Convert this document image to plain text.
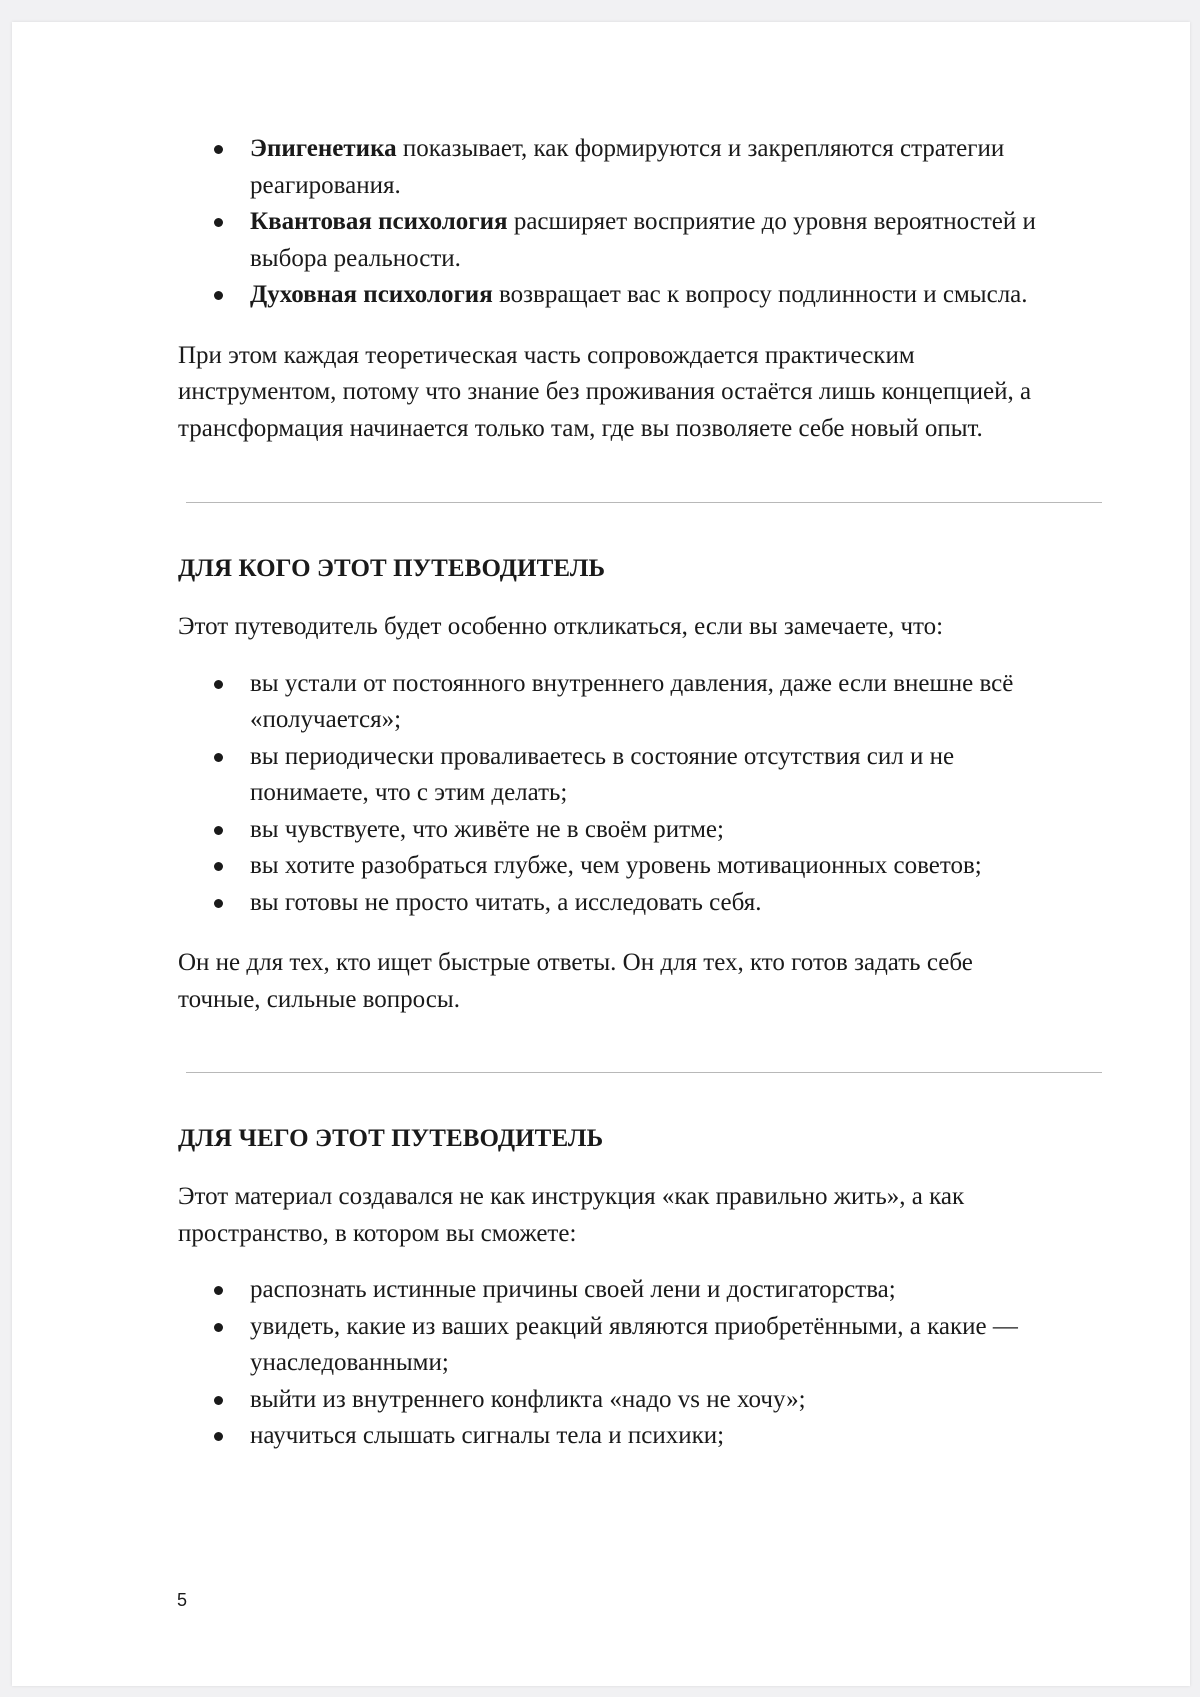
Эпигенетика показывает, как формируются и закрепляются стратегии реагирования.
Квантовая психология расширяет восприятие до уровня вероятностей и выбора реальности.
Духовная психология возвращает вас к вопросу подлинности и смысла.

При этом каждая теоретическая часть сопровождается практическим инструментом, потому что знание без проживания остаётся лишь концепцией, а трансформация начинается только там, где вы позволяете себе новый опыт.

ДЛЯ КОГО ЭТОТ ПУТЕВОДИТЕЛЬ

Этот путеводитель будет особенно откликаться, если вы замечаете, что:

вы устали от постоянного внутреннего давления, даже если внешне всё «получается»;
вы периодически проваливаетесь в состояние отсутствия сил и не понимаете, что с этим делать;
вы чувствуете, что живёте не в своём ритме;
вы хотите разобраться глубже, чем уровень мотивационных советов;
вы готовы не просто читать, а исследовать себя.

Он не для тех, кто ищет быстрые ответы. Он для тех, кто готов задать себе точные, сильные вопросы.

ДЛЯ ЧЕГО ЭТОТ ПУТЕВОДИТЕЛЬ

Этот материал создавался не как инструкция «как правильно жить», а как пространство, в котором вы сможете:

распознать истинные причины своей лени и достигаторства;
увидеть, какие из ваших реакций являются приобретёнными, а какие — унаследованными;
выйти из внутреннего конфликта «надо vs не хочу»;
научиться слышать сигналы тела и психики;
5
